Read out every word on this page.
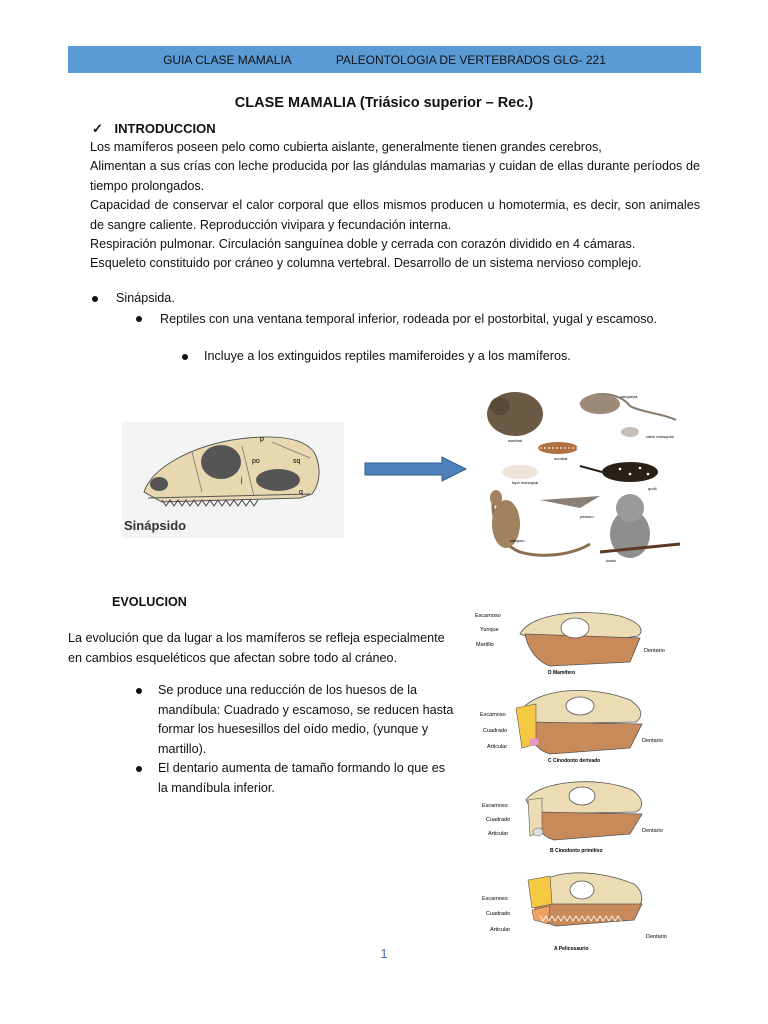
GUIA CLASE MAMALIA	PALEONTOLOGIA DE VERTEBRADOS GLG- 221
CLASE MAMALIA (Triásico superior – Rec.)
✓ INTRODUCCION

Los mamíferos poseen pelo como cubierta aislante, generalmente tienen grandes cerebros,

Alimentan a sus crías con leche producida por las glándulas mamarias y cuidan de ellas durante períodos de tiempo prolongados.

Capacidad de conservar el calor corporal que ellos mismos producen u homotermia, es decir, son animales de sangre caliente. Reproducción vivipara y fecundación interna.

Respiración pulmonar. Circulación sanguínea doble y cerrada con corazón dividido en 4 cámaras.

Esqueleto constituido por cráneo y columna vertebral. Desarrollo de un sistema nervioso complejo.

Sinápsida.
Reptiles con una ventana temporal inferior, rodeada por el postorbital, yugal y escamoso.
Incluye a los extinguidos reptiles mamiferoides y a los mamíferos.
p
po	sq
j
q
Sinápsido
wombat
zarigüeya
ratón marsupial
numbat
topo marsupial
quoll
canguro
petauro
koala
EVOLUCION
La evolución que da lugar a los mamíferos se refleja especialmente en cambios esqueléticos que afectan sobre todo al cráneo.
Se produce una reducción de los huesos de la mandíbula: Cuadrado y escamoso, se reducen hasta formar los huesesillos del oído medio, (yunque y martillo).
El dentario aumenta de tamaño formando lo que es la mandíbula inferior.
Escamoso
Yunque
Martillo
Dentario
D Mamífero
Escamoso
Cuadrado
Articular
Dentario
C Cinodonto derivado
Escamoso
Cuadrado
Articular	Dentario
B Cinodonto primitivo
Escamoso
Cuadrado
Articular
Dentario
A Pelicosaurio
1
